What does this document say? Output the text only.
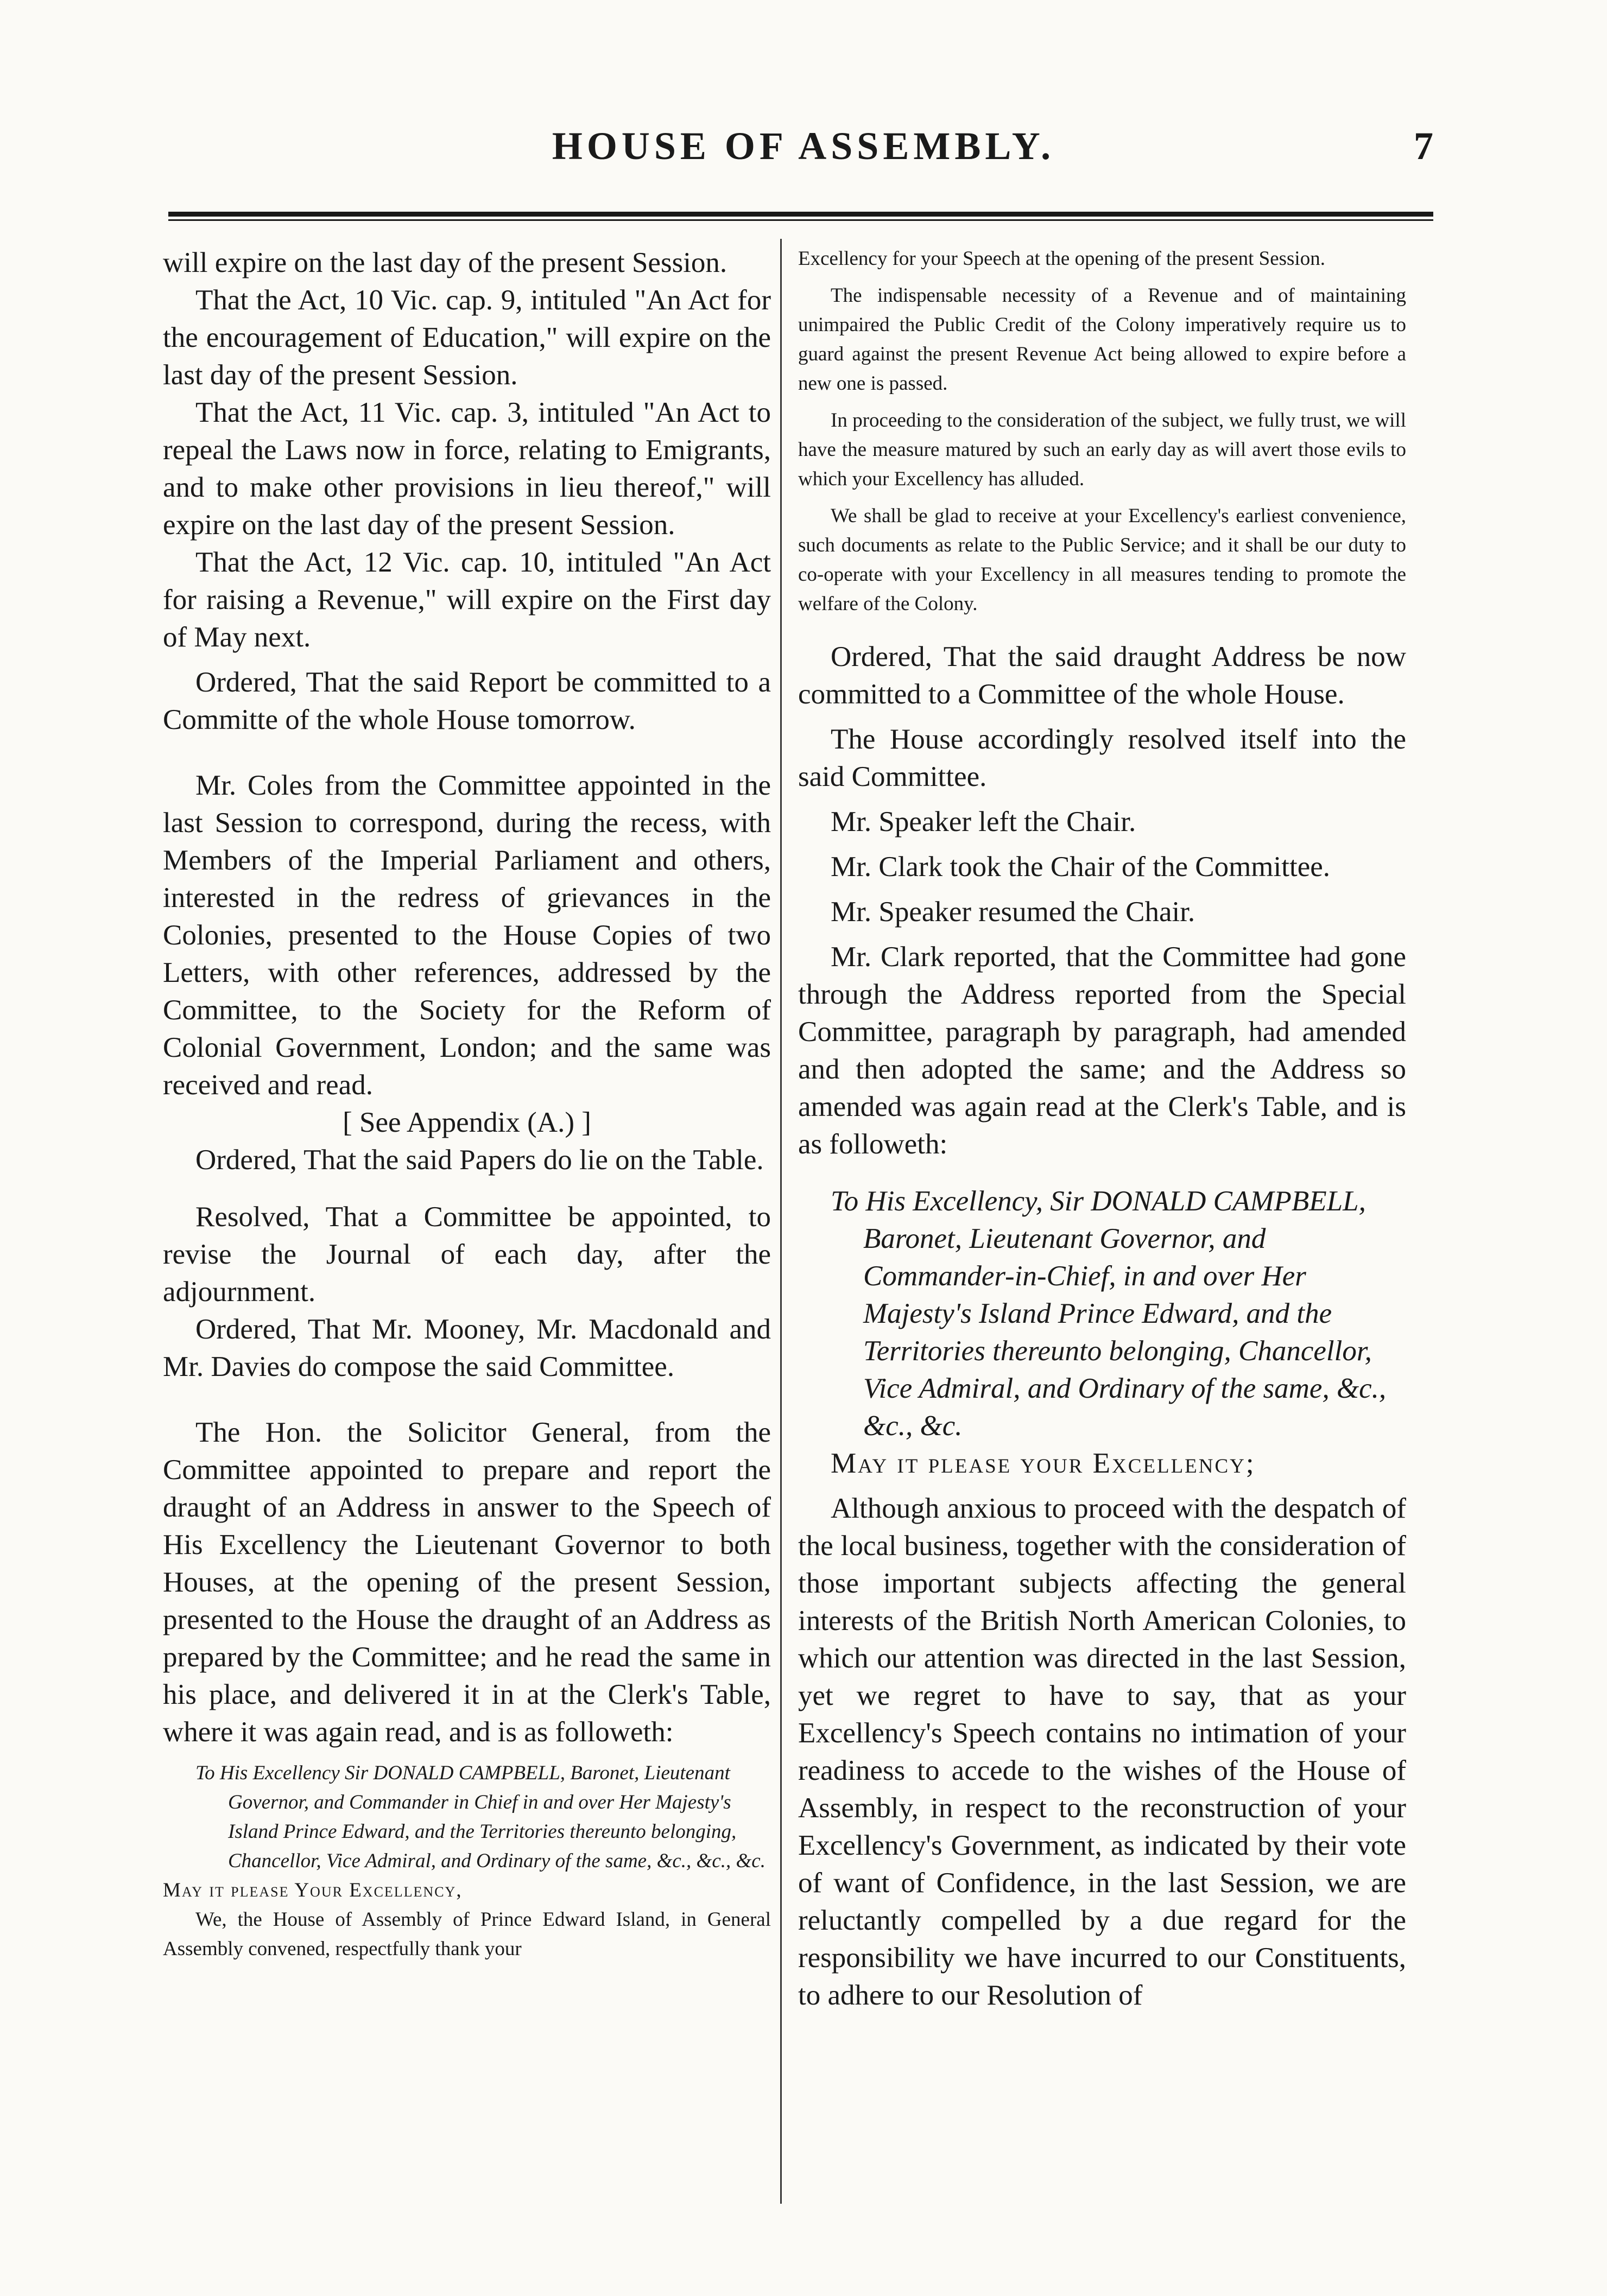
HOUSE OF ASSEMBLY.	7

will expire on the last day of the present Session.

That the Act, 10 Vic. cap. 9, intituled "An Act for the encouragement of Education," will expire on the last day of the present Session.

That the Act, 11 Vic. cap. 3, intituled "An Act to repeal the Laws now in force, relating to Emigrants, and to make other provisions in lieu thereof," will expire on the last day of the present Session.

That the Act, 12 Vic. cap. 10, intituled "An Act for raising a Revenue," will expire on the First day of May next.

Ordered, That the said Report be committed to a Committe of the whole House tomorrow.

Mr. Coles from the Committee appointed in the last Session to correspond, during the recess, with Members of the Imperial Parliament and others, interested in the redress of grievances in the Colonies, presented to the House Copies of two Letters, with other references, addressed by the Committee, to the Society for the Reform of Colonial Government, London; and the same was received and read.

[ See Appendix (A.) ]

Ordered, That the said Papers do lie on the Table.

Resolved, That a Committee be appointed, to revise the Journal of each day, after the adjournment.

Ordered, That Mr. Mooney, Mr. Macdonald and Mr. Davies do compose the said Committee.

The Hon. the Solicitor General, from the Committee appointed to prepare and report the draught of an Address in answer to the Speech of His Excellency the Lieutenant Governor to both Houses, at the opening of the present Session, presented to the House the draught of an Address as prepared by the Committee; and he read the same in his place, and delivered it in at the Clerk's Table, where it was again read, and is as followeth:

To His Excellency Sir DONALD CAMPBELL, Baronet, Lieutenant Governor, and Commander in Chief in and over Her Majesty's Island Prince Edward, and the Territories thereunto belonging, Chancellor, Vice Admiral, and Ordinary of the same, &c., &c., &c.

May it please Your Excellency,

We, the House of Assembly of Prince Edward Island, in General Assembly convened, respectfully thank your

Excellency for your Speech at the opening of the present Session.

The indispensable necessity of a Revenue and of maintaining unimpaired the Public Credit of the Colony imperatively require us to guard against the present Revenue Act being allowed to expire before a new one is passed.

In proceeding to the consideration of the subject, we fully trust, we will have the measure matured by such an early day as will avert those evils to which your Excellency has alluded.

We shall be glad to receive at your Excellency's earliest convenience, such documents as relate to the Public Service; and it shall be our duty to co-operate with your Excellency in all measures tending to promote the welfare of the Colony.

Ordered, That the said draught Address be now committed to a Committee of the whole House.

The House accordingly resolved itself into the said Committee.

Mr. Speaker left the Chair.

Mr. Clark took the Chair of the Committee.

Mr. Speaker resumed the Chair.

Mr. Clark reported, that the Committee had gone through the Address reported from the Special Committee, paragraph by paragraph, had amended and then adopted the same; and the Address so amended was again read at the Clerk's Table, and is as followeth:

To His Excellency, Sir DONALD CAMPBELL, Baronet, Lieutenant Governor, and Commander-in-Chief, in and over Her Majesty's Island Prince Edward, and the Territories thereunto belonging, Chancellor, Vice Admiral, and Ordinary of the same, &c., &c., &c.

May it please your Excellency;

Although anxious to proceed with the despatch of the local business, together with the consideration of those important subjects affecting the general interests of the British North American Colonies, to which our attention was directed in the last Session, yet we regret to have to say, that as your Excellency's Speech contains no intimation of your readiness to accede to the wishes of the House of Assembly, in respect to the reconstruction of your Excellency's Government, as indicated by their vote of want of Confidence, in the last Session, we are reluctantly compelled by a due regard for the responsibility we have incurred to our Constituents, to adhere to our Resolution of
